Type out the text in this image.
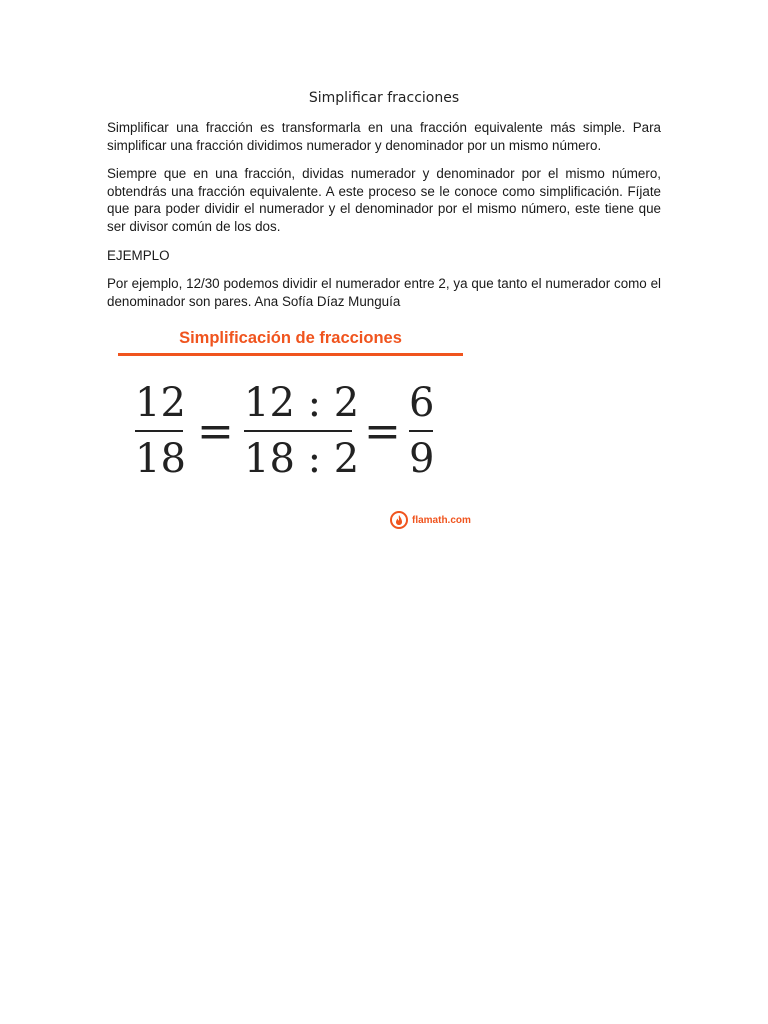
Simplificar fracciones

Simplificar una fracción es transformarla en una fracción equivalente más simple. Para simplificar una fracción dividimos numerador y denominador por un mismo número.

Siempre que en una fracción, dividas numerador y denominador por el mismo número, obtendrás una fracción equivalente. A este proceso se le conoce como simplificación. Fíjate que para poder dividir el numerador y el denominador por el mismo número, este tiene que ser divisor común de los dos.

EJEMPLO

Por ejemplo, 12/30 podemos dividir el numerador entre 2, ya que tanto el numerador como el denominador son pares. Ana Sofía Díaz Munguía

Simplificación de fracciones
12
18
=
12 : 2
18 : 2
=
6
9
flamath.com
